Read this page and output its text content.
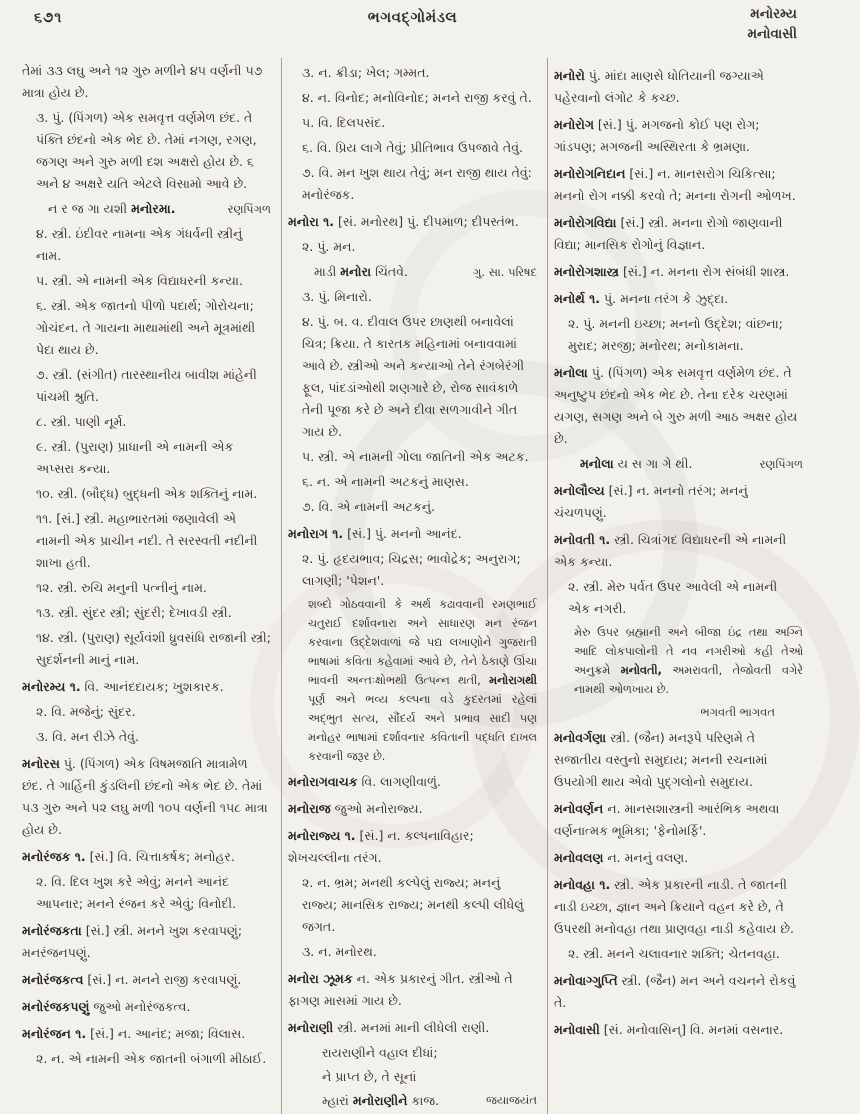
૬૭૧	ભગવદ્ગોમંડલ	મનોરમ્ય
મનોવાસી

તેમાં ૩૩ લઘુ અને ૧૨ ગુરુ મળીને ૪૫ વર્ણની ૫૭ માત્રા હોય છે.

૩. પું. (પિંગળ) એક સમવૃત્ત વર્ણમેળ છંદ. તે પંક્તિ છંદનો એક ભેદ છે. તેમાં નગણ, રગણ, જગણ અને ગુરુ મળી દશ અક્ષરો હોય છે. ૬ અને ૪ અક્ષરે યતિ એટલે વિસામો આવે છે.

રણપિંગળ
ન ર જ ગા યશી મનોરમા.

૪. સ્ત્રી. ઇંદીવર નામના એક ગંધર્વની સ્ત્રીનું નામ.

૫. સ્ત્રી. એ નામની એક વિદ્યાધરની કન્યા.

૬. સ્ત્રી. એક જાતનો પીળો પદાર્થ; ગોરોચના; ગોચંદન. તે ગાયના માથામાંથી અને મૂત્રમાંથી પેદા થાય છે.

૭. સ્ત્રી. (સંગીત) તારસ્થાનીય બાવીશ માંહેની પાંચમી શ્રુતિ.

૮. સ્ત્રી. પાણી નૂર્મ.

૯. સ્ત્રી. (પુરાણ) પ્રાધાની એ નામની એક અપ્સરા કન્યા.

૧૦. સ્ત્રી. (બૌદ્ધ) બુદ્ધની એક શક્તિનું નામ.

૧૧. [સં.] સ્ત્રી. મહાભારતમાં જણાવેલી એ નામની એક પ્રાચીન નદી. તે સરસ્વતી નદીની શાખા હતી.

૧૨. સ્ત્રી. રુચિ મનુની પત્નીનું નામ.

૧૩. સ્ત્રી. સુંદર સ્ત્રી; સુંદરી; દેખાવડી સ્ત્રી.

૧૪. સ્ત્રી. (પુરાણ) સૂર્યવંશી ધ્રુવસંધિ રાજાની સ્ત્રી; સુદર્શનની માનું નામ.

મનોરમ્ય ૧. વિ. આનંદદાયક; ખુશકારક.

૨. વિ. મજેનું; સુંદર.

૩. વિ. મન રીઝે તેવું.

મનોરસ પું. (પિંગળ) એક વિષમજાતિ માત્રામેળ છંદ. તે ગાર્હિની કુંડલિની છંદનો એક ભેદ છે. તેમાં ૫૩ ગુરુ અને ૫૨ લઘુ મળી ૧૦૫ વર્ણની ૧૫૮ માત્રા હોય છે.

મનોરંજક ૧. [સં.] વિ. ચિત્તાકર્ષક; મનોહર.

૨. વિ. દિલ ખુશ કરે એવું; મનને આનંદ આપનાર; મનને રંજન કરે એવું; વિનોદી.

મનોરંજકતા [સં.] સ્ત્રી. મનને ખુશ કરવાપણું; મનરંજનપણું.

મનોરંજકત્વ [સં.] ન. મનને રાજી કરવાપણું.

મનોરંજકપણું જુઓ મનોરંજકત્વ.

મનોરંજન ૧. [સં.] ન. આનંદ; મજા; વિલાસ.

૨. ન. એ નામની એક જાતની બંગાળી મીઠાઈ.

૩. ન. ક્રીડા; ખેલ; ગમ્મત.

૪. ન. વિનોદ; મનોવિનોદ; મનને રાજી કરવું તે.

૫. વિ. દિલપસંદ.

૬. વિ. પ્રિય લાગે તેવું; પ્રીતિભાવ ઉપજાવે તેવું.

૭. વિ. મન ખુશ થાય તેવું; મન રાજી થાય તેવું: મનોરંજક.

મનોરા ૧. [સં. મનોરથ] પું. દીપમાળ; દીપસ્તંભ.

૨. પું. મન.

ગુ. સા. પરિષદ
માડી મનોરા ચિંતવે.

૩. પું. મિનારો.

૪. પું. બ. વ. દીવાલ ઉપર છાણથી બનાવેલાં ચિત્ર; ક્રિયા. તે કારતક મહિનામાં બનાવવામાં આવે છે. સ્ત્રીઓ અને કન્યાઓ તેને રંગબેરંગી ફૂલ, પાંદડાંઓથી શણગારે છે, રોજ સાવંકાળે તેની પૂજા કરે છે અને દીવા સળગાવીને ગીત ગાય છે.

૫. સ્ત્રી. એ નામની ગોલા જાતિની એક અટક.

૬. ન. એ નામની અટકનું માણસ.

૭. વિ. એ નામની અટકનું.

મનોરાગ ૧. [સં.] પું. મનનો આનંદ.

૨. પું. હૃદયભાવ; ચિદ્રસ; ભાવોદ્રેક; અનુરાગ; લાગણી; 'પેશન'.

રમણભાઈ
શબ્દો ગોઠવવાની કે અર્થ કઢાવવાની ચતુરાઈ દર્શાવનારા અને સાધારણ મન રંજન કરવાના ઉદ્દેશવાળાં જે પદ્ય લખાણોને ગુજરાતી ભાષામાં કવિતા કહેવામાં આવે છે, તેને ઠેકાણે ઊંચા ભાવની અન્તઃક્ષોભથી ઉત્પન્ન થતી, મનોરાગથી પૂર્ણ અને ભવ્ય કલ્પના વડે કુદરતમાં રહેલાં અદ્ભુત સત્ય, સૌંદર્ય અને પ્રભાવ સાદી પણ મનોહર ભાષામાં દર્શાવનાર કવિતાની પદ્ધતિ દાખલ કરવાની જરૂર છે.

મનોરાગવાચક વિ. લાગણીવાળું.

મનોરાજ જુઓ મનોરાજ્ય.

મનોરાજ્ય ૧. [સં.] ન. કલ્પનાવિહાર; શેખચલ્લીના તરંગ.

૨. ન. ભ્રમ; મનથી કલ્પેલું રાજ્ય; મનનું રાજ્ય; માનસિક રાજ્ય; મનથી કલ્પી લીધેલું જગત.

૩. ન. મનોરથ.

મનોરા ઝૂમક ન. એક પ્રકારનું ગીત. સ્ત્રીઓ તે ફાગણ માસમાં ગાય છે.

મનોરાણી સ્ત્રી. મનમાં માની લીધેલી રાણી.

રાયરાણીને વહાલ દીધાં;

ને પ્રાપ્ત છે, તે સૂનાં

જયાજયંત
મ્હારાં મનોરાણીને કાજ.

મનોરો પું. માંદા માણસે ધોતિયાની જગ્યાએ પહેરવાનો લંગોટ કે કચ્છ.

મનોરોગ [સં.] પું. મગજનો કોઈ પણ રોગ; ગાંડપણ; મગજની અસ્થિરતા કે ભ્રમણા.

મનોરોગનિદાન [સં.] ન. માનસરોગ ચિકિત્સા; મનનો રોગ નક્કી કરવો તે; મનના રોગની ઓળખ.

મનોરોગવિદ્યા [સં.] સ્ત્રી. મનના રોગો જાણવાની વિદ્યા; માનસિક રોગોનું વિજ્ઞાન.

મનોરોગશાસ્ત્ર [સં.] ન. મનના રોગ સંબંધી શાસ્ત્ર.

મનોર્થ ૧. પું. મનના તરંગ કે ઝુદ્દા.

૨. પું. મનની ઇચ્છા; મનનો ઉદ્દેશ; વાંછના; મુરાદ; મરજી; મનોરથ; મનોકામના.

મનોલા પું. (પિંગળ) એક સમવૃત્ત વર્ણમેળ છંદ. તે અનુષ્ટુપ છંદનો એક ભેદ છે. તેના દરેક ચરણમાં યગણ, સગણ અને બે ગુરુ મળી આઠ અક્ષર હોય છે.

રણપિંગળ
મનોલા ય સ ગા ગે થી.

મનોલૌલ્ય [સં.] ન. મનનો તરંગ; મનનું ચંચળપણું.

મનોવતી ૧. સ્ત્રી. ચિત્રાંગદ વિદ્યાધરની એ નામની એક કન્યા.

૨. સ્ત્રી. મેરુ પર્વત ઉપર આવેલી એ નામની એક નગરી.

મેરુ ઉપર બ્રહ્માની અને બીજા ઇંદ્ર તથા અગ્નિ આદિ લોકપાલોની તે નવ નગરીઓ કહી તેઓ અનુક્રમે મનોવતી, અમરાવતી, તેજોવતી વગેરે નામથી ઓળખાય છે.

ભગવતી ભાગવત

મનોવર્ગણા સ્ત્રી. (જૈન) મનરૂપે પરિણમે તે સજાતીય વસ્તુનો સમુદાય; મનની રચનામાં ઉપયોગી થાય એવો પુદ્ગલોનો સમુદાય.

મનોવર્ણન ન. માનસશાસ્ત્રની આરંભિક અથવા વર્ણનાત્મક ભૂમિકા; 'ફેનોમર્ફિ'.

મનોવલણ ન. મનનું વલણ.

મનોવહા ૧. સ્ત્રી. એક પ્રકારની નાડી. તે જાતની નાડી ઇચ્છા, જ્ઞાન અને ક્રિયાને વહન કરે છે, તે ઉપરથી મનોવહા તથા પ્રાણવહા નાડી કહેવાય છે.

૨. સ્ત્રી. મનને ચલાવનાર શક્તિ; ચેતનવહા.

મનોવાગ્ગુપ્તિ સ્ત્રી. (જૈન) મન અને વચનને રોકવું તે.

મનોવાસી [સં. મનોવાસિન્] વિ. મનમાં વસનાર.
